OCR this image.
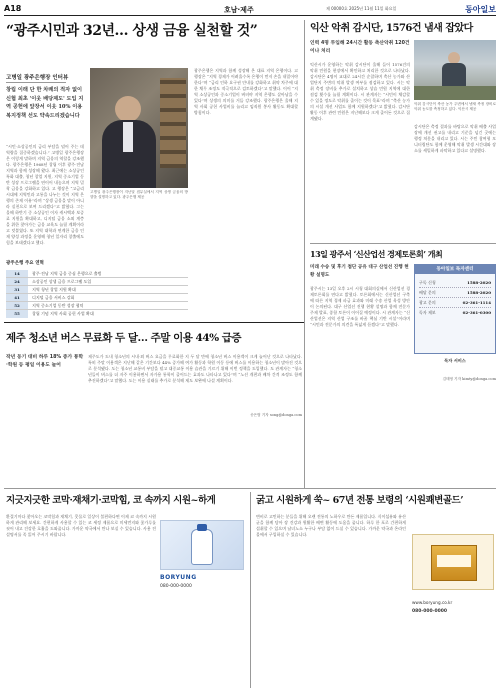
A18	호남·제주	제 00000호 2025년 11월 11일 화요일	동아일보
“광주시민과 32년… 상생 금융 실천할 것”
고병일 광주은행장 인터뷰
창립 이래 단 한 차례의 적자 없이 신협 최초 '이웃 배당제도' 도입 지역 공헌에 앞장서 이웃 10% 이용 복지정책 선도 약속드리겠습니다
“시민·소상공인의 금리 부담을 덜어 주는 데 역량을 집중하겠습니다.” 고병일 광주은행장은 이렇게 말하며 지역 금융의 역할을 강조했다. 광주은행은 1968년 창립 이후 광주·전남 지역과 함께 성장해 왔다. 최근에는 소상공인 특화 대출, 청년 창업 지원, 지역 중소기업 동반 성장 프로그램을 연이어 내놓으며 지역 밀착 금융을 강화하고 있다. 고 행장은 “고금리 시대에 지역민과 고통을 나누는 것이 지역 은행의 존재 이유”라며 “상생 금융을 말이 아니라 실천으로 보여 드리겠다”고 밝혔다. 그는 올해 하반기 중 소상공인 이자 캐시백과 보증료 지원을 확대하고, 디지털 금융 소외 계층을 위한 찾아가는 금융 교육도 늘릴 계획이라고 덧붙였다. 또 지역 대학과 연계한 금융 인재 양성 과정을 운영해 청년 일자리 창출에도 힘을 보태겠다고 했다.
고병일 광주은행장이 지난달 집무실에서 지역 상생 금융의 방향을 설명하고 있다. 광주은행 제공
광주은행 주요 연혁
14	광주·전남 지역 금융 중심 은행으로 출범
24	소상공인 상생 금융 프로그램 도입
31	지역 청년 창업 지원 확대
41	디지털 금융 서비스 강화
52	지역 중소기업 동반 성장 협약
55	창립 기념 지역 사회 공헌 사업 확대
광주은행은 지역과 함께 성장해 온 대표 지역 은행이다. 고 행장은 “지역 경제가 어려울수록 은행이 먼저 손을 내밀어야 한다”며 “금리 인하 요구권 안내를 강화하고 취약 차주에 대한 채무 조정도 적극적으로 검토하겠다”고 말했다. 이어 “지역 소상공인과 중소기업이 버텨야 지역 은행도 살아남을 수 있다”며 상생의 의미를 거듭 강조했다. 광주은행은 올해 지역 사회 공헌 사업비를 늘리고 임직원 봉사 활동도 확대할 방침이다.
익산 악취 감시단, 1576건 냄새 잡았다
인력 4명 투입해 24시간 활동 축산악취 120건이나 처리
익산시가 운영하는 악취 감시단이 올해 들어 1576건의 악취 민원을 현장에서 확인하고 처리한 것으로 나타났다. 감시단은 4명이 교대로 24시간 순찰하며 축산 농가와 산업단지 주변의 악취 발생 여부를 점검하고 있다. 시는 악취 측정 장비를 추가로 설치하고 상습 민원 지역에 대한 점검 횟수를 늘릴 계획이다. 시 관계자는 “시민이 체감할 수 있을 정도로 악취를 줄이는 것이 목표”라며 “축산 농가의 시설 개선 사업도 함께 지원하겠다”고 밝혔다. 감시단 활동 이후 관련 민원은 지난해보다 크게 줄어든 것으로 집계됐다.
악취 감시단이 축산 농가 주변에서 냄새 측정 장비로 악취 농도를 측정하고 있다. 익산시 제공
감시단은 측정 결과를 바탕으로 악취 배출 사업장에 개선 권고를 내리고 기준을 넘긴 곳에는 행정 처분을 내리고 있다. 시는 주민 참여형 모니터링단도 함께 운영해 악취 발생 시간대와 장소를 세밀하게 파악하고 있다고 설명했다.
13일 광주서 ‘신산업선 경제토론회’ 개최
미래 수송 및 후기 첨단 공유 대구 산업선 진행 현황 설명도
광주시는 13일 오후 2시 시청 대회의실에서 신산업선 경제토론회를 연다고 밝혔다. 토론회에서는 신산업선 구축에 따른 지역 경제 파급 효과와 미래 수송 산업 육성 방안이 논의된다. 대구 산업선 진행 현황 설명과 함께 전문가 주제 발표, 종합 토론이 이어질 예정이다. 시 관계자는 “신산업선은 지역 산업 구조를 바꿀 핵심 기반 시설”이라며 “시민과 전문가의 의견을 폭넓게 듣겠다”고 말했다.
김태영 기자 kimty@donga.com
동아일보 독자센터
구독 신청	1588-2020
배달 문의	1588-2020
광고 문의	02-361-1114
독자 제보	02-361-0300
독자 서비스
제주 청소년 버스 무료화 두 달… 주말 이용 44% 급증
작년 동기 대비 하루 18% 증가 통학·학원 등 평일 이용도 늘어
제주도가 도내 청소년의 시내·외 버스 요금을 무료화한 지 두 달 만에 청소년 버스 이용객이 크게 늘어난 것으로 나타났다. 특히 주말 이용객은 지난해 같은 기간보다 44% 증가해 여가 활동과 학원 이동 등에 버스를 이용하는 청소년이 많아진 것으로 분석됐다. 도는 청소년 교통비 부담을 덜고 대중교통 이용 습관을 기르기 위해 이번 정책을 도입했다. 도 관계자는 “청소년들이 버스를 더 자주 이용하면서 자가용 통학이 줄어드는 효과도 나타나고 있다”며 “노선 개편과 배차 간격 조정도 함께 추진하겠다”고 말했다. 도는 이용 실태를 추가로 분석해 제도 보완에 나설 계획이다.
송은범 기자 song@donga.com
지긋지긋한 코막·재채기·코막힘, 코 속까지 시원~하게
환절기마다 찾아오는 코막힘과 재채기, 콧물로 일상이 불편하다면 이제 코 속까지 시원하게 관리해 보세요. 간편하게 사용할 수 있는 코 세정 제품으로 미세먼지와 꽃가루를 씻어 내고 건강한 호흡을 도와줍니다. 가까운 약국에서 만나 보실 수 있습니다. 사용 전 설명서를 꼭 읽어 주시기 바랍니다.
BORYUNG
080-000-0000
굵고 시원하게 쑥~ 67년 전통 보령의 ‘시원쾌변골드’
변비로 고민하는 분들을 위해 오랜 전통의 노하우로 만든 제품입니다. 식이섬유와 유산균을 함께 담아 장 건강과 원활한 배변 활동에 도움을 줍니다. 하루 한 포로 간편하게 섭취할 수 있으며 남녀노소 누구나 부담 없이 드실 수 있습니다. 가까운 약국과 온라인 몰에서 구입하실 수 있습니다.
www.boryung.co.kr
080-000-0000
